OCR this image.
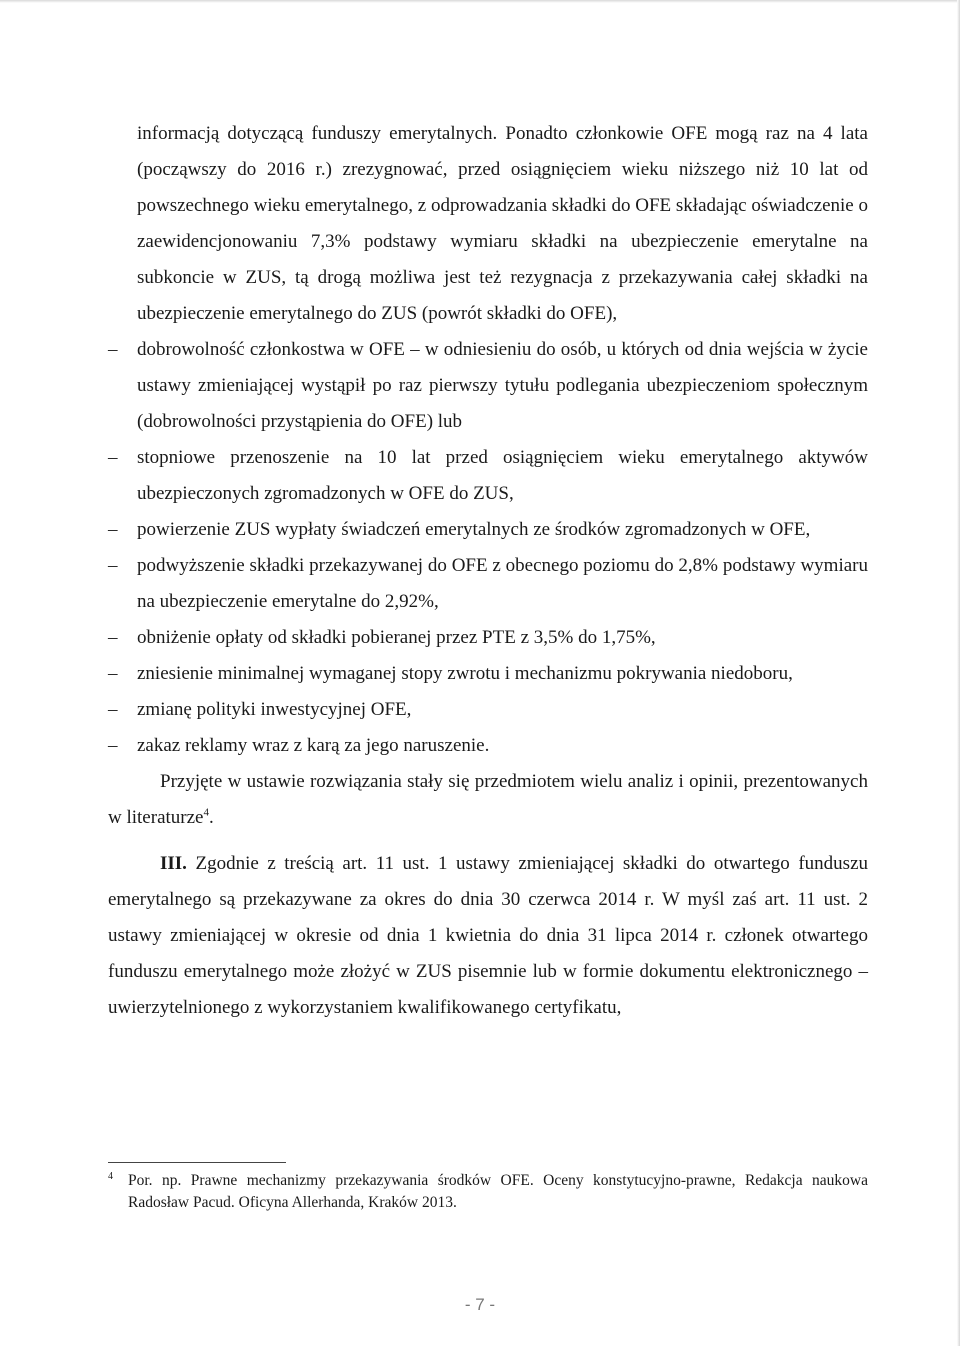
informacją dotyczącą funduszy emerytalnych. Ponadto członkowie OFE mogą raz na 4 lata (począwszy do 2016 r.) zrezygnować, przed osiągnięciem wieku niższego niż 10 lat od powszechnego wieku emerytalnego, z odprowadzania składki do OFE składając oświadczenie o zaewidencjonowaniu 7,3% podstawy wymiaru składki na ubezpieczenie emerytalne na subkoncie w ZUS, tą drogą możliwa jest też rezygnacja z przekazywania całej składki na ubezpieczenie emerytalnego do ZUS (powrót składki do OFE),

– dobrowolność członkostwa w OFE – w odniesieniu do osób, u których od dnia wejścia w życie ustawy zmieniającej wystąpił po raz pierwszy tytułu podlegania ubezpieczeniom społecznym (dobrowolności przystąpienia do OFE) lub
– stopniowe przenoszenie na 10 lat przed osiągnięciem wieku emerytalnego aktywów ubezpieczonych zgromadzonych w OFE do ZUS,
– powierzenie ZUS wypłaty świadczeń emerytalnych ze środków zgromadzonych w OFE,
– podwyższenie składki przekazywanej do OFE z obecnego poziomu do 2,8% podstawy wymiaru na ubezpieczenie emerytalne do 2,92%,
– obniżenie opłaty od składki pobieranej przez PTE z 3,5% do 1,75%,
– zniesienie minimalnej wymaganej stopy zwrotu i mechanizmu pokrywania niedoboru,
– zmianę polityki inwestycyjnej OFE,
– zakaz reklamy wraz z karą za jego naruszenie.

Przyjęte w ustawie rozwiązania stały się przedmiotem wielu analiz i opinii, prezentowanych w literaturze$^4$.

III. Zgodnie z treścią art. 11 ust. 1 ustawy zmieniającej składki do otwartego funduszu emerytalnego są przekazywane za okres do dnia 30 czerwca 2014 r. W myśl zaś art. 11 ust. 2 ustawy zmieniającej w okresie od dnia 1 kwietnia do dnia 31 lipca 2014 r. członek otwartego funduszu emerytalnego może złożyć w ZUS pisemnie lub w formie dokumentu elektronicznego – uwierzytelnionego z wykorzystaniem kwalifikowanego certyfikatu,

4 Por. np. Prawne mechanizmy przekazywania środków OFE. Oceny konstytucyjno-prawne, Redakcja naukowa Radosław Pacud. Oficyna Allerhanda, Kraków 2013.
- 7 -
